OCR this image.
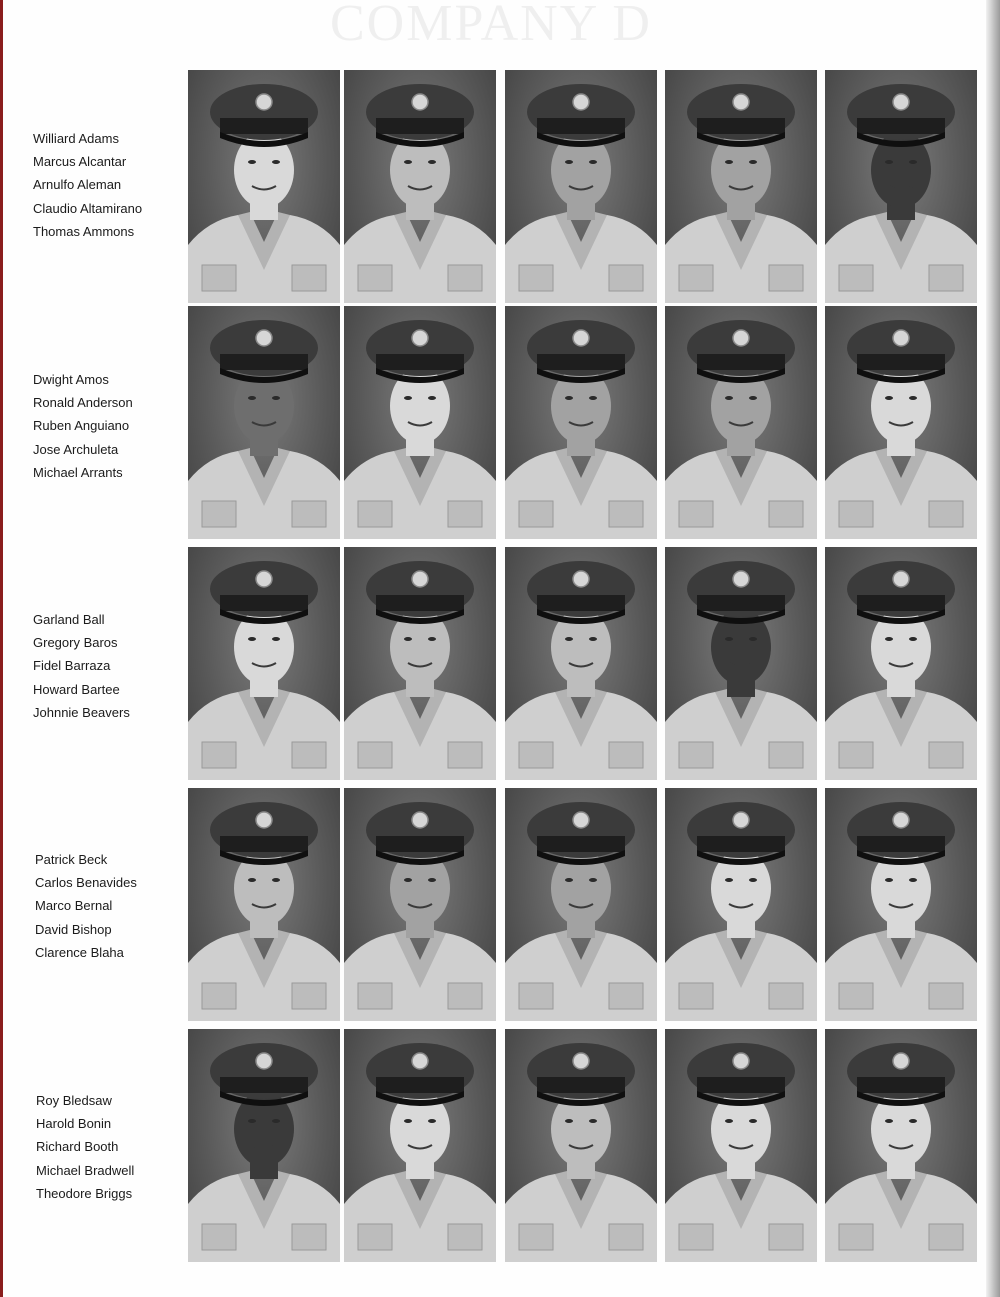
COMPANY D
Williard Adams
Marcus Alcantar
Arnulfo Aleman
Claudio Altamirano
Thomas Ammons
Dwight Amos
Ronald Anderson
Ruben Anguiano
Jose Archuleta
Michael Arrants
Garland Ball
Gregory Baros
Fidel Barraza
Howard Bartee
Johnnie Beavers
Patrick Beck
Carlos Benavides
Marco Bernal
David Bishop
Clarence Blaha
Roy Bledsaw
Harold Bonin
Richard Booth
Michael Bradwell
Theodore Briggs
